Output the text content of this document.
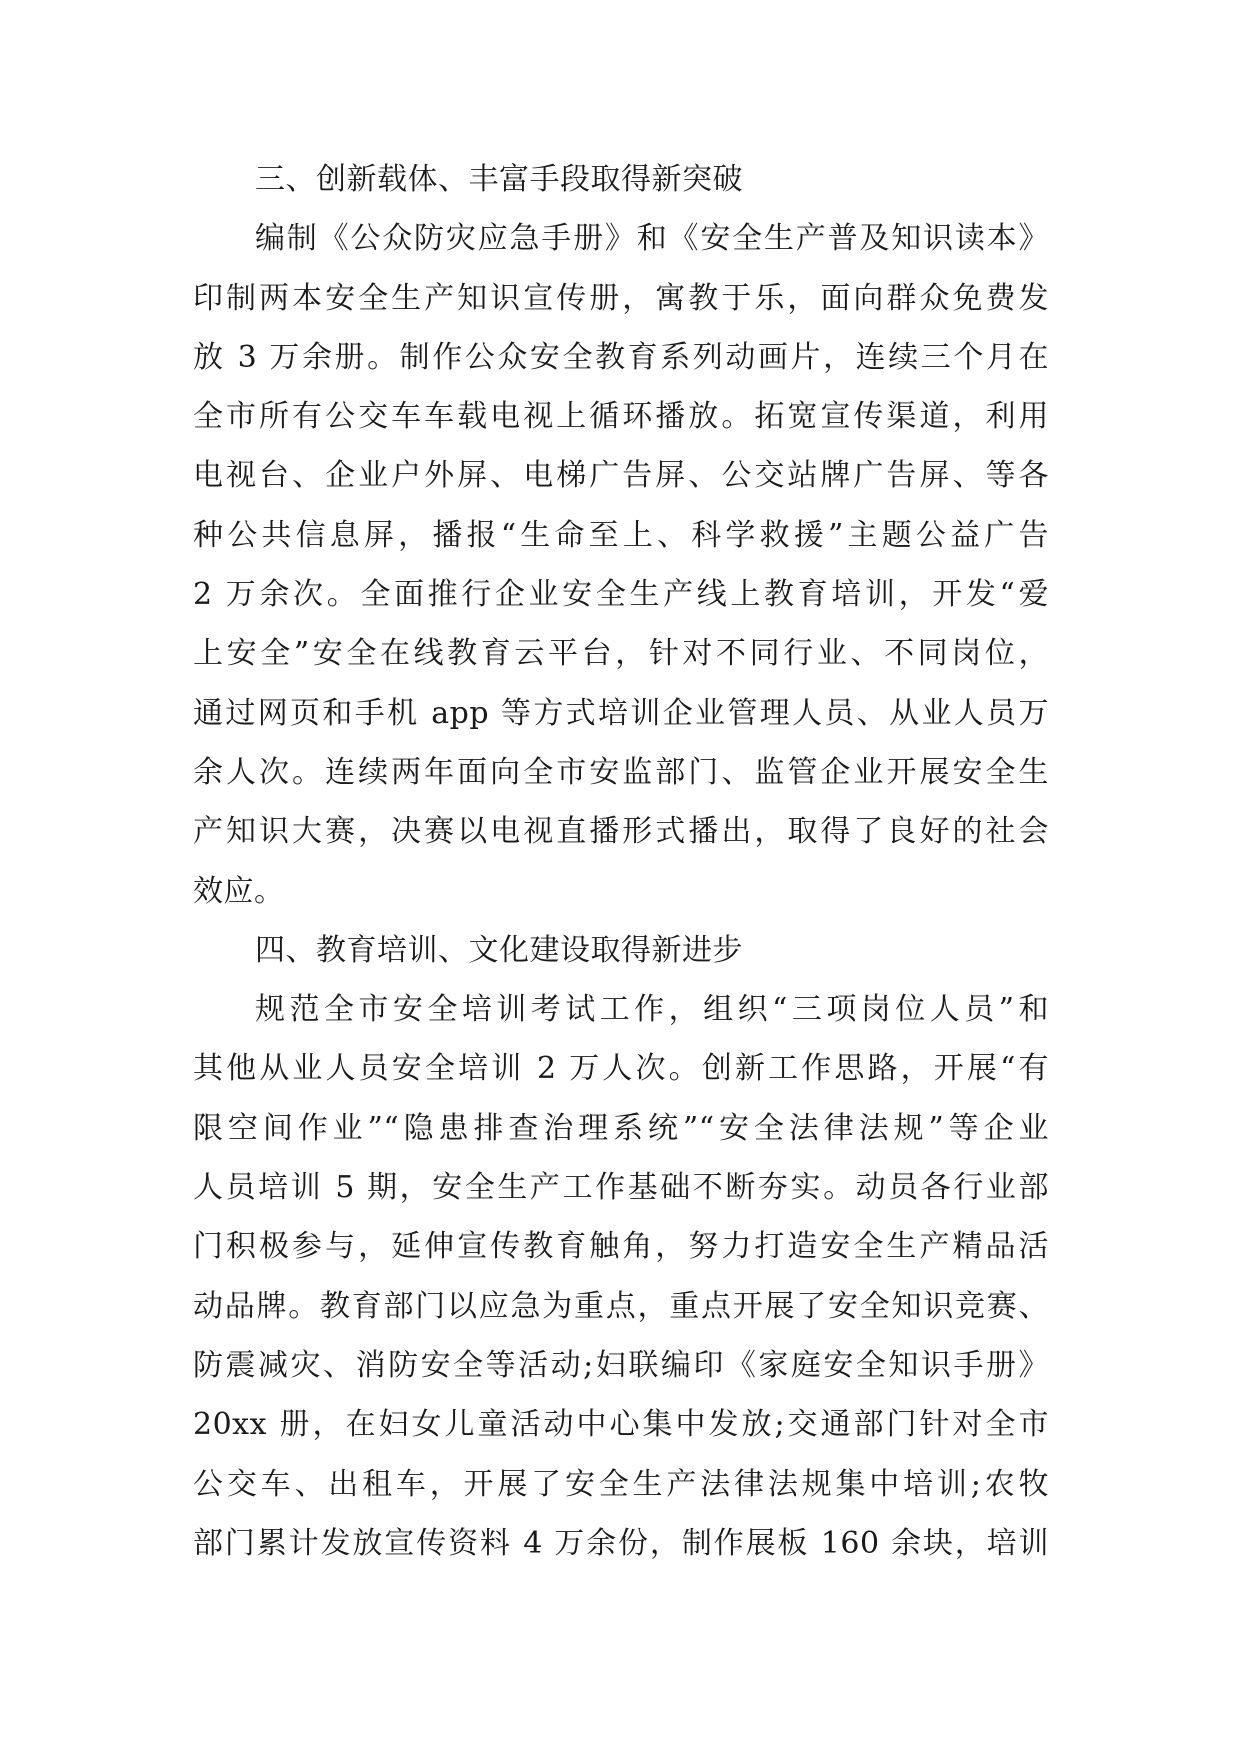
三、创新载体、丰富手段取得新突破
编制《公众防灾应急手册》和《安全生产普及知识读本》
印制两本安全生产知识宣传册，寓教于乐，面向群众免费发
放 3 万余册。制作公众安全教育系列动画片，连续三个月在
全市所有公交车车载电视上循环播放。拓宽宣传渠道，利用
电视台、企业户外屏、电梯广告屏、公交站牌广告屏、等各
种公共信息屏，播报“生命至上、科学救援”主题公益广告
2 万余次。全面推行企业安全生产线上教育培训，开发“爱
上安全”安全在线教育云平台，针对不同行业、不同岗位，
通过网页和手机 app 等方式培训企业管理人员、从业人员万
余人次。连续两年面向全市安监部门、监管企业开展安全生
产知识大赛，决赛以电视直播形式播出，取得了良好的社会
效应。
四、教育培训、文化建设取得新进步
规范全市安全培训考试工作，组织“三项岗位人员”和
其他从业人员安全培训 2 万人次。创新工作思路，开展“有
限空间作业”“隐患排查治理系统”“安全法律法规”等企业
人员培训 5 期，安全生产工作基础不断夯实。动员各行业部
门积极参与，延伸宣传教育触角，努力打造安全生产精品活
动品牌。教育部门以应急为重点，重点开展了安全知识竞赛、
防震减灾、消防安全等活动;妇联编印《家庭安全知识手册》
20xx 册，在妇女儿童活动中心集中发放;交通部门针对全市
公交车、出租车，开展了安全生产法律法规集中培训;农牧
部门累计发放宣传资料 4 万余份，制作展板 160 余块，培训
